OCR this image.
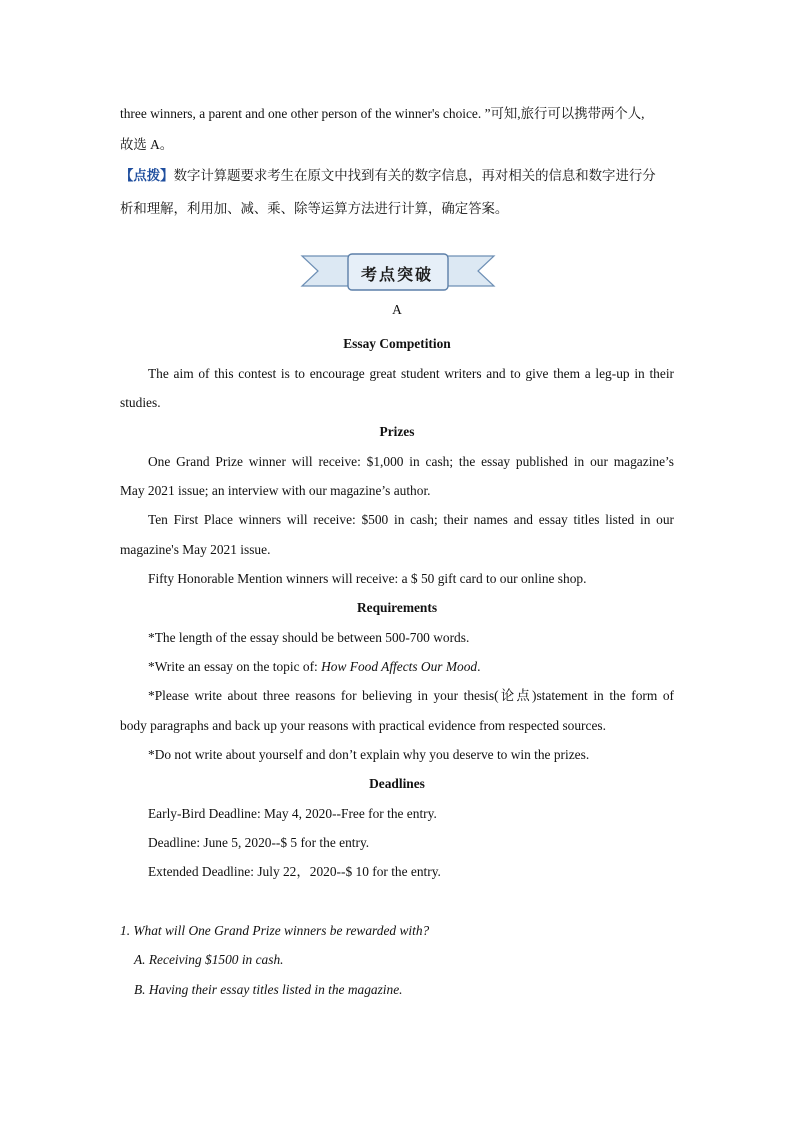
three winners, a parent and one other person of the winner's choice. ”可知,旅行可以携带两个人,
故选 A。
【点拨】数字计算题要求考生在原文中找到有关的数字信息，再对相关的信息和数字进行分
析和理解，利用加、减、乘、除等运算方法进行计算，确定答案。
考点突破
A
Essay Competition
The aim of this contest is to encourage great student writers and to give them a leg-up in their
studies.
Prizes
One Grand Prize winner will receive: $1,000 in cash; the essay published in our magazine’s
May 2021 issue; an interview with our magazine’s author.
Ten First Place winners will receive: $500 in cash; their names and essay titles listed in our
magazine's May 2021 issue.
Fifty Honorable Mention winners will receive: a $ 50 gift card to our online shop.
Requirements
*The length of the essay should be between 500-700 words.
*Write an essay on the topic of: How Food Affects Our Mood.
*Please write about three reasons for believing in your thesis(论点)statement in the form of
body paragraphs and back up your reasons with practical evidence from respected sources.
*Do not write about yourself and don’t explain why you deserve to win the prizes.
Deadlines
Early-Bird Deadline: May 4, 2020--Free for the entry.
Deadline: June 5, 2020--$ 5 for the entry.
Extended Deadline: July 22，2020--$ 10 for the entry.
1. What will One Grand Prize winners be rewarded with?
A. Receiving $1500 in cash.
B. Having their essay titles listed in the magazine.
